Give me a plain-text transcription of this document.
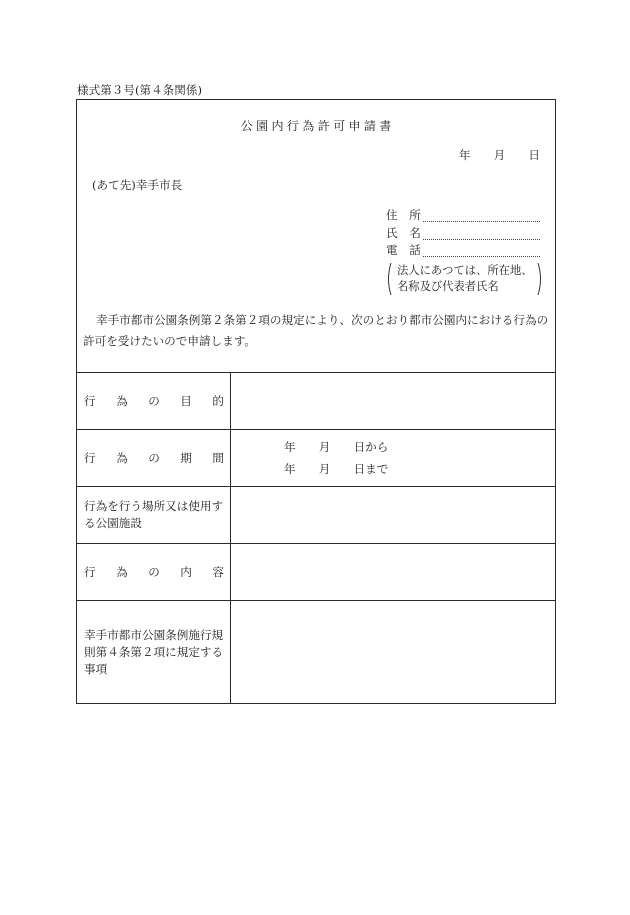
様式第３号(第４条関係)
公園内行為許可申請書
年　　月　　日
(あて先)幸手市長
住　所
氏　名
電　話
法人にあつては、所在地、
名称及び代表者氏名
幸手市都市公園条例第２条第２項の規定により、次のとおり都市公園内における行為の
許可を受けたいので申請します。
行 為 の 目 的
行 為 の 期 間
年　　月　　日から
年　　月　　日まで
行為を行う場所又は使用す
る公園施設
行 為 の 内 容
幸手市都市公園条例施行規
則第４条第２項に規定する
事項
